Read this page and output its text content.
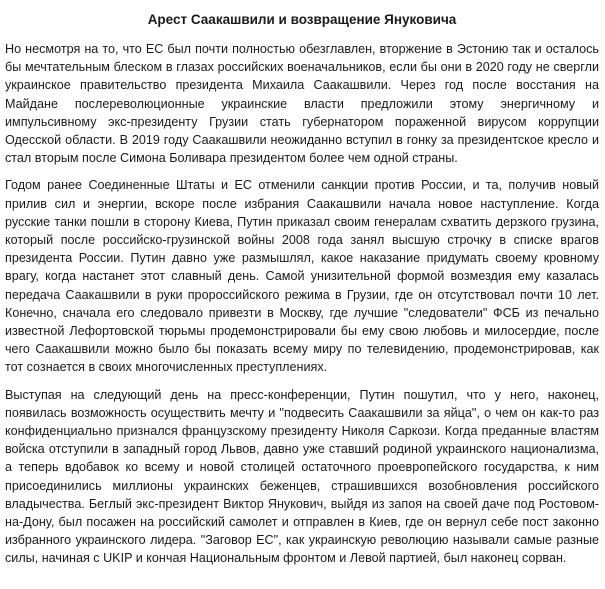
Арест Саакашвили и возвращение Януковича

Но несмотря на то, что ЕС был почти полностью обезглавлен, вторжение в Эстонию так и осталось бы мечтательным блеском в глазах российских военачальников, если бы они в 2020 году не свергли украинское правительство президента Михаила Саакашвили. Через год после восстания на Майдане послереволюционные украинские власти предложили этому энергичному и импульсивному экс-президенту Грузии стать губернатором пораженной вирусом коррупции Одесской области. В 2019 году Саакашвили неожиданно вступил в гонку за президентское кресло и стал вторым после Симона Боливара президентом более чем одной страны.

Годом ранее Соединенные Штаты и ЕС отменили санкции против России, и та, получив новый прилив сил и энергии, вскоре после избрания Саакашвили начала новое наступление. Когда русские танки пошли в сторону Киева, Путин приказал своим генералам схватить дерзкого грузина, который после российско-грузинской войны 2008 года занял высшую строчку в списке врагов президента России. Путин давно уже размышлял, какое наказание придумать своему кровному врагу, когда настанет этот славный день. Самой унизительной формой возмездия ему казалась передача Саакашвили в руки пророссийского режима в Грузии, где он отсутствовал почти 10 лет. Конечно, сначала его следовало привезти в Москву, где лучшие "следователи" ФСБ из печально известной Лефортовской тюрьмы продемонстрировали бы ему свою любовь и милосердие, после чего Саакашвили можно было бы показать всему миру по телевидению, продемонстрировав, как тот сознается в своих многочисленных преступлениях.

Выступая на следующий день на пресс-конференции, Путин пошутил, что у него, наконец, появилась возможность осуществить мечту и "подвесить Саакашвили за яйца", о чем он как-то раз конфиденциально признался французскому президенту Николя Саркози. Когда преданные властям войска отступили в западный город Львов, давно уже ставший родиной украинского национализма, а теперь вдобавок ко всему и новой столицей остаточного проевропейского государства, к ним присоединились миллионы украинских беженцев, страшившихся возобновления российского владычества. Беглый экс-президент Виктор Янукович, выйдя из запоя на своей даче под Ростовом-на-Дону, был посажен на российский самолет и отправлен в Киев, где он вернул себе пост законно избранного украинского лидера. "Заговор ЕС", как украинскую революцию называли самые разные силы, начиная с UKIP и кончая Национальным фронтом и Левой партией, был наконец сорван.
